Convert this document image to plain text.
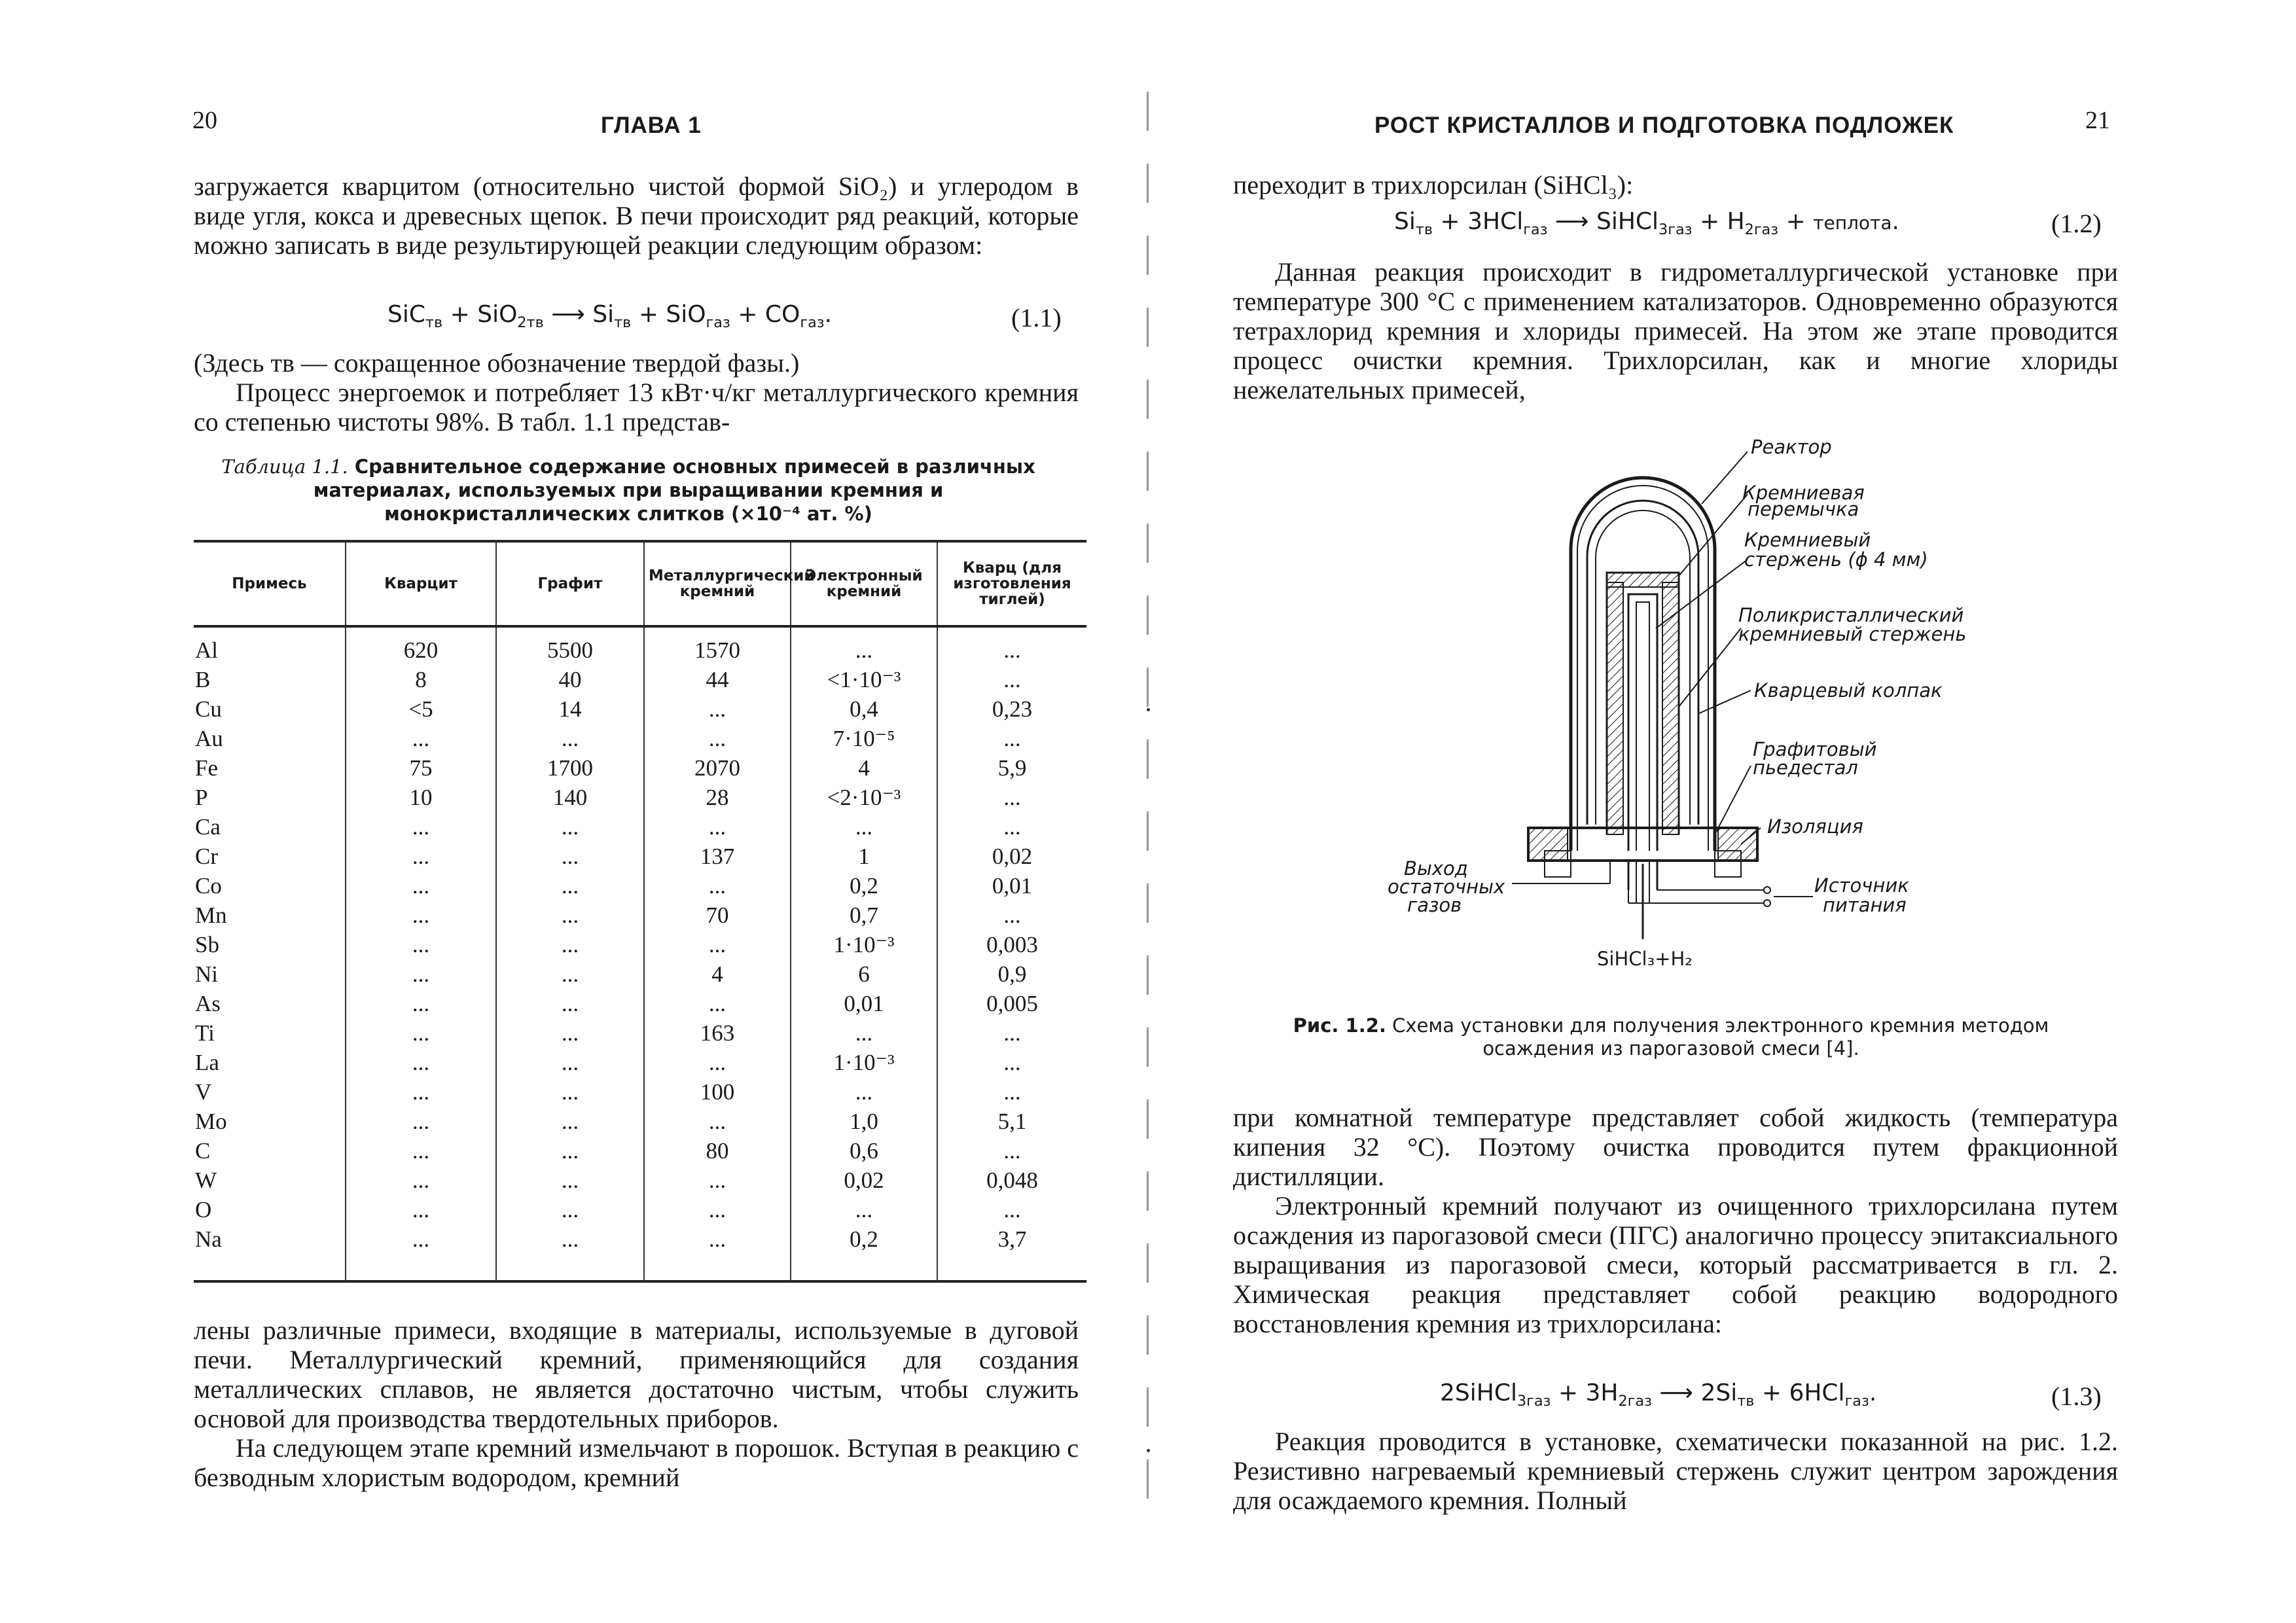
20	ГЛАВА 1

загружается кварцитом (относительно чистой формой SiO₂) и углеродом в виде угля, кокса и древесных щепок. В печи происходит ряд реакций, которые можно записать в виде результирующей реакции следующим образом:

SiC$_{тв}$ + SiO$_{2тв}$ ⟶ $Si_{тв} + SiO_{газ} + CO_{газ}$.	(1.1)

(Здесь тв — сокращенное обозначение твердой фазы.)

Процесс энергоемок и потребляет 13 кВт·ч/кг металлургического кремния со степенью чистоты 98%. В табл. 1.1 представ-

Таблица 1.1. Сравнительное содержание основных примесей в различных материалах, используемых при выращивании кремния и монокристаллических слитков (×10⁻⁴ ат. %)
Примесь	Кварцит	Графит	Металлургический кремний	Электронный кремний	Кварц (для изготовления тиглей)
Al	620	5500	1570	...	...
B	8	40	44	<1·10⁻³	...
Cu	<5	14	...	0,4	0,23
Au	...	...	...	7·10⁻⁵	...
Fe	75	1700	2070	4	5,9
P	10	140	28	<2·10⁻³	...
Ca	...	...	...	...	...
Cr	...	...	137	1	0,02
Co	...	...	...	0,2	0,01
Mn	...	...	70	0,7	...
Sb	...	...	...	1·10⁻³	0,003
Ni	...	...	4	6	0,9
As	...	...	...	0,01	0,005
Ti	...	...	163	...	...
La	...	...	...	1·10⁻³	...
V	...	...	100	...	...
Mo	...	...	...	1,0	5,1
C	...	...	80	0,6	...
W	...	...	...	0,02	0,048
O	...	...	...	...	...
Na	...	...	...	0,2	3,7

лены различные примеси, входящие в материалы, используемые в дуговой печи. Металлургический кремний, применяющийся для создания металлических сплавов, не является достаточно чистым, чтобы служить основой для производства твердотельных приборов.

На следующем этапе кремний измельчают в порошок. Вступая в реакцию с безводным хлористым водородом, кремний

РОСТ КРИСТАЛЛОВ И ПОДГОТОВКА ПОДЛОЖЕК	21

переходит в трихлорсилан (SiHCl₃):

$Si_{тв} + 3HCl_{газ}$ ⟶ SiHCl$_{3газ}$ + $H_{2газ}$ + теплота.	(1.2)

Данная реакция происходит в гидрометаллургической установке при температуре 300 °С с применением катализаторов. Одновременно образуются тетрахлорид кремния и хлориды примесей. На этом же этапе проводится процесс очистки кремния. Трихлорсилан, как и многие хлориды нежелательных примесей,

Реактор
Кремниевая
перемычка
Кремниевый
стержень (ϕ 4 мм)
Поликристаллический
кремниевый стержень
Кварцевый колпак
Графитовый
пьедестал
Изоляция
Выход
остаточных
газов
Источник
питания
SiHCl₃+H₂
Рис. 1.2. Схема установки для получения электронного кремния методом осаждения из парогазовой смеси [4].

при комнатной температуре представляет собой жидкость (температура кипения 32 °С). Поэтому очистка проводится путем фракционной дистилляции.

Электронный кремний получают из очищенного трихлорсилана путем осаждения из парогазовой смеси (ПГС) аналогично процессу эпитаксиального выращивания из парогазовой смеси, который рассматривается в гл. 2. Химическая реакция представляет собой реакцию водородного восстановления кремния из трихлорсилана:

2SiHCl$_{3газ}$ + $3H_{2газ}$ ⟶ $2Si_{тв} + 6HCl_{газ}$.	(1.3)

Реакция проводится в установке, схематически показанной на рис. 1.2. Резистивно нагреваемый кремниевый стержень служит центром зарождения для осаждаемого кремния. Полный
